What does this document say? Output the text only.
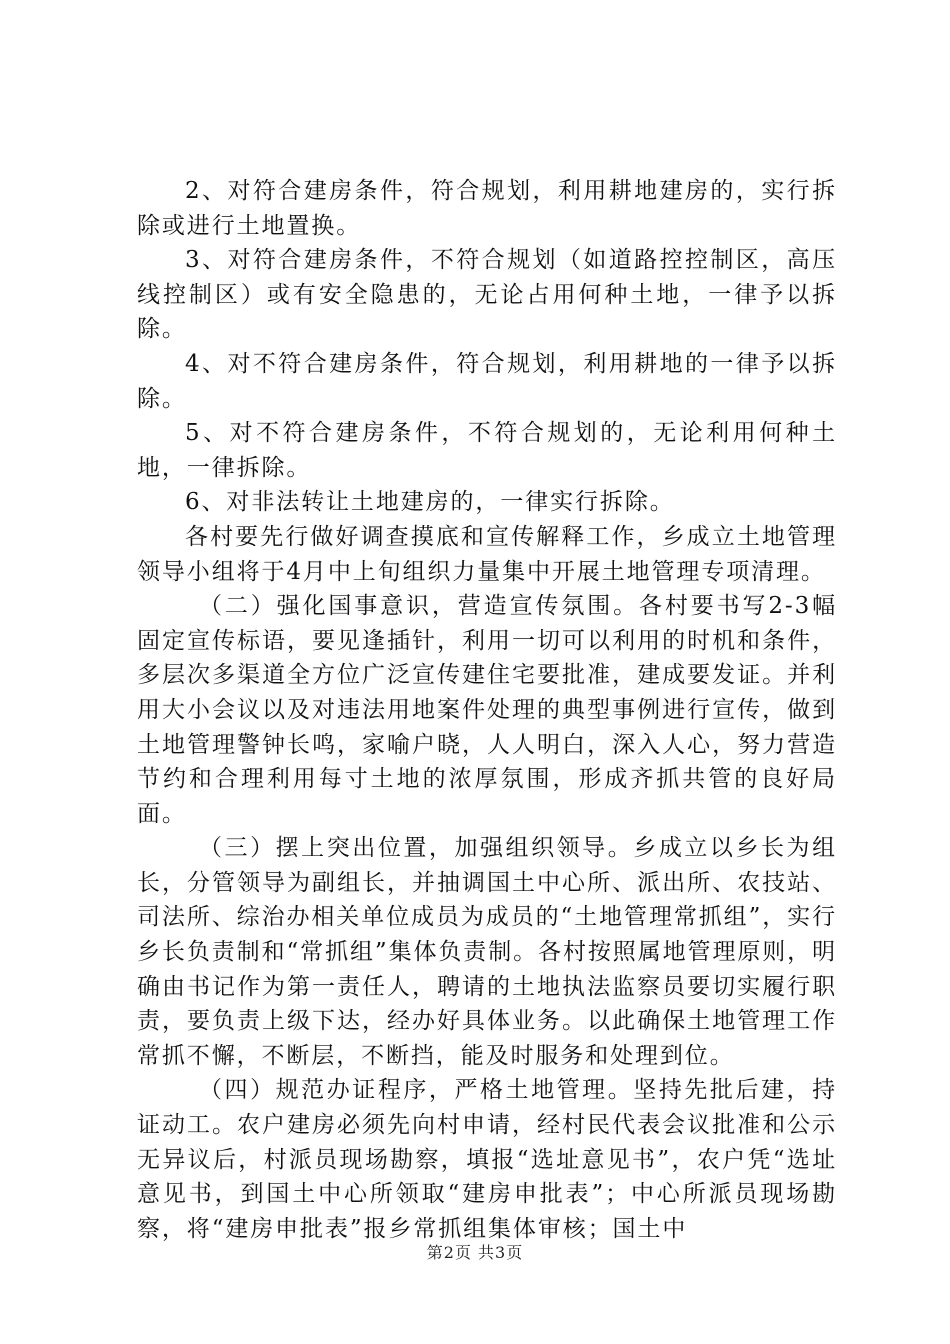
2、对符合建房条件，符合规划，利用耕地建房的，实行拆除或进行土地置换。

3、对符合建房条件，不符合规划（如道路控控制区，高压线控制区）或有安全隐患的，无论占用何种土地，一律予以拆除。

4、对不符合建房条件，符合规划，利用耕地的一律予以拆除。

5、对不符合建房条件，不符合规划的，无论利用何种土地，一律拆除。

6、对非法转让土地建房的，一律实行拆除。

各村要先行做好调查摸底和宣传解释工作，乡成立土地管理领导小组将于4月中上旬组织力量集中开展土地管理专项清理。

（二）强化国事意识，营造宣传氛围。各村要书写2-3幅固定宣传标语，要见逢插针，利用一切可以利用的时机和条件，多层次多渠道全方位广泛宣传建住宅要批准，建成要发证。并利用大小会议以及对违法用地案件处理的典型事例进行宣传，做到土地管理警钟长鸣，家喻户晓，人人明白，深入人心，努力营造节约和合理利用每寸土地的浓厚氛围，形成齐抓共管的良好局面。

（三）摆上突出位置，加强组织领导。乡成立以乡长为组长，分管领导为副组长，并抽调国土中心所、派出所、农技站、司法所、综治办相关单位成员为成员的“土地管理常抓组”，实行乡长负责制和“常抓组”集体负责制。各村按照属地管理原则，明确由书记作为第一责任人，聘请的土地执法监察员要切实履行职责，要负责上级下达，经办好具体业务。以此确保土地管理工作常抓不懈，不断层，不断挡，能及时服务和处理到位。

（四）规范办证程序，严格土地管理。坚持先批后建，持证动工。农户建房必须先向村申请，经村民代表会议批准和公示无异议后，村派员现场勘察，填报“选址意见书”，农户凭“选址意见书，到国土中心所领取“建房申批表”；中心所派员现场勘察，将“建房申批表”报乡常抓组集体审核；国土中

第2页 共3页
